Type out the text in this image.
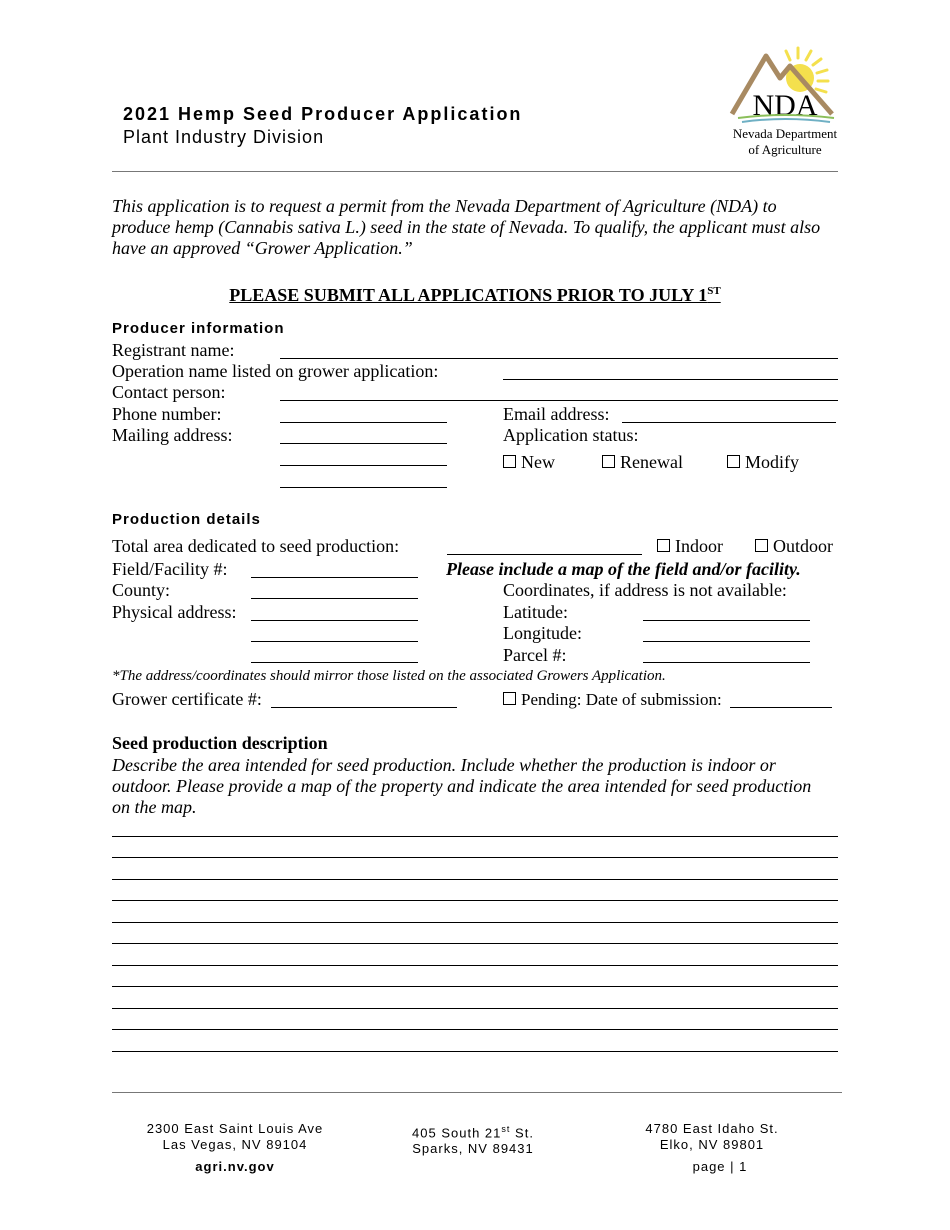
2021 Hemp Seed Producer Application
Plant Industry Division
NDA
Nevada Department
of Agriculture
This application is to request a permit from the Nevada Department of Agriculture (NDA) to produce hemp (Cannabis sativa L.) seed in the state of Nevada. To qualify, the applicant must also have an approved “Grower Application.”
PLEASE SUBMIT ALL APPLICATIONS PRIOR TO JULY 1ST
Producer information
Registrant name:
Operation name listed on grower application:
Contact person:
Phone number:	Email address:
Mailing address:	Application status:
New	Renewal	Modify
Production details
Total area dedicated to seed production:	Indoor	Outdoor
Field/Facility #:	Please include a map of the field and/or facility.
County:	Coordinates, if address is not available:
Physical address:	Latitude:
Longitude:
Parcel #:
*The address/coordinates should mirror those listed on the associated Growers Application.
Grower certificate #:	Pending: Date of submission:
Seed production description
Describe the area intended for seed production. Include whether the production is indoor or outdoor. Please provide a map of the property and indicate the area intended for seed production on the map.
2300 East Saint Louis Ave
Las Vegas, NV 89104
405 South 21st St.
Sparks, NV 89431
4780 East Idaho St.
Elko, NV 89801
agri.nv.gov	page | 1
